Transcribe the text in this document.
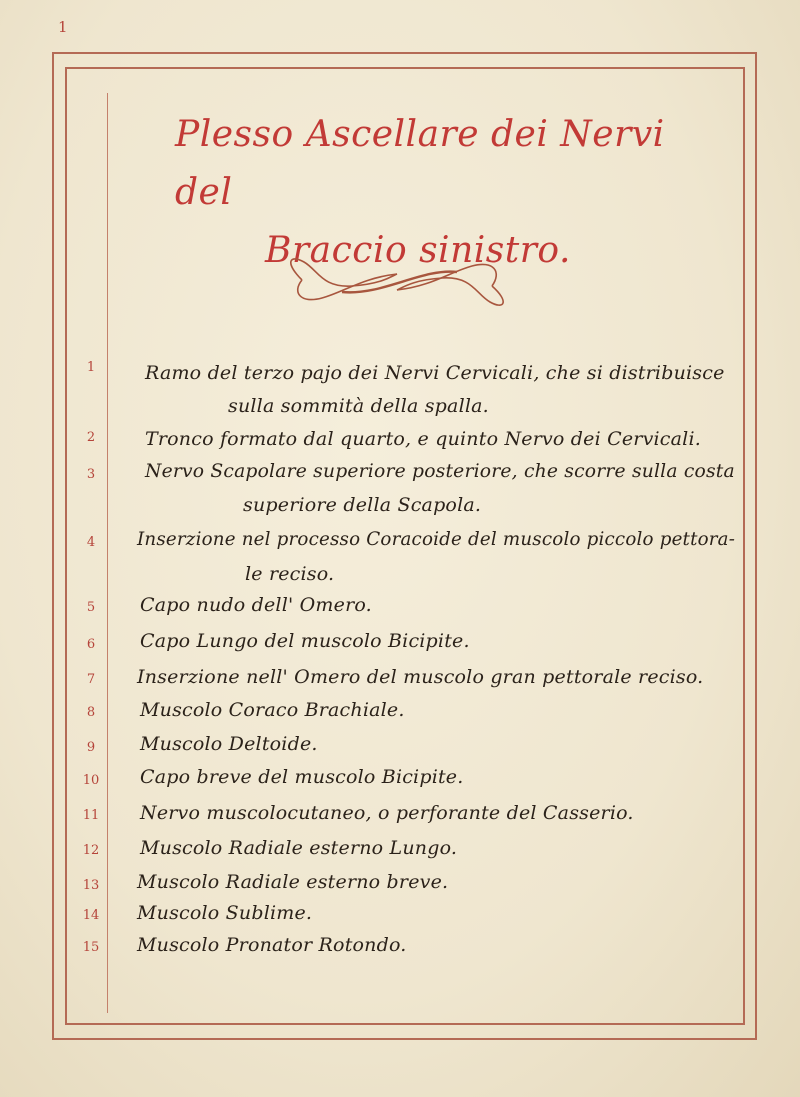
1
Plesso Ascellare dei Nervi del
Braccio sinistro.
1	Ramo del terzo pajo dei Nervi Cervicali, che si distribuisce
sulla sommità della spalla.
2	Tronco formato dal quarto, e quinto Nervo dei Cervicali.
3	Nervo Scapolare superiore posteriore, che scorre sulla costa
superiore della Scapola.
4	Inserzione nel processo Coracoide del muscolo piccolo pettora-
le reciso.
5	Capo nudo dell' Omero.
6	Capo Lungo del muscolo Bicipite.
7	Inserzione nell' Omero del muscolo gran pettorale reciso.
8	Muscolo Coraco Brachiale.
9	Muscolo Deltoide.
10	Capo breve del muscolo Bicipite.
11	Nervo muscolocutaneo, o perforante del Casserio.
12	Muscolo Radiale esterno Lungo.
13	Muscolo Radiale esterno breve.
14	Muscolo Sublime.
15	Muscolo Pronator Rotondo.
